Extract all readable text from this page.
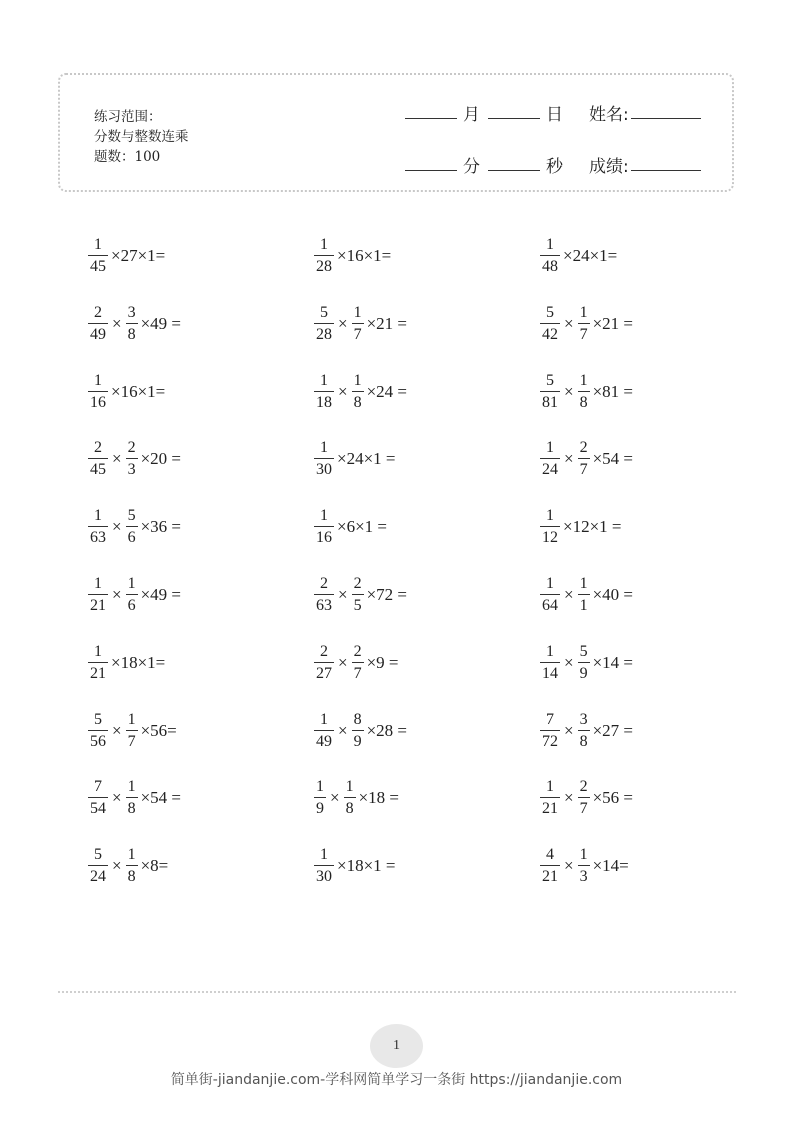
练习范围：
分数与整数连乘
题数：100
月	日 姓名:
分	秒 成绩:
$\frac{1}{45} \times 27\times 1=$	$\frac{1}{28} \times 16\times 1=$	$\frac{1}{48} \times 24\times 1=$
$\frac{2}{49} \times \frac{3}{8} \times 49$ =	$\frac{5}{28} \times \frac{1}{7} \times 21$ =	$\frac{5}{42} \times \frac{1}{7} \times 21$ =
$\frac{1}{16} \times 16\times 1=$	$\frac{1}{18} \times \frac{1}{8} \times 24$ =	$\frac{5}{81} \times \frac{1}{8} \times 81$ =
$\frac{2}{45} \times \frac{2}{3} \times 20$ =	$\frac{1}{30} \times 24\times 1$ =	$\frac{1}{24} \times \frac{2}{7} \times 54$ =
$\frac{1}{63} \times \frac{5}{6} \times 36$ =	$\frac{1}{16} \times 6\times 1$ =	$\frac{1}{12} \times 12\times 1$ =
$\frac{1}{21} \times \frac{1}{6} \times 49$ =	$\frac{2}{63} \times \frac{2}{5} \times 72$ =	$\frac{1}{64} \times \frac{1}{1} \times 40$ =
$\frac{1}{21} \times 18\times 1=$	$\frac{2}{27} \times \frac{2}{7} \times 9$ =	$\frac{1}{14} \times \frac{5}{9} \times 14$ =
$\frac{5}{56} \times \frac{1}{7} \times 56=$	$\frac{1}{49} \times \frac{8}{9} \times 28$ =	$\frac{7}{72} \times \frac{3}{8} \times 27$ =
$\frac{7}{54} \times \frac{1}{8} \times 54$ =	$\frac{1}{9} \times \frac{1}{8} \times 18$ =	$\frac{1}{21} \times \frac{2}{7} \times 56$ =
$\frac{5}{24} \times \frac{1}{8} \times 8=$	$\frac{1}{30} \times 18\times 1$ =	$\frac{4}{21} \times \frac{1}{3} \times 14=$
1
简单街-jiandanjie.com-学科网简单学习一条街 https://jiandanjie.com
